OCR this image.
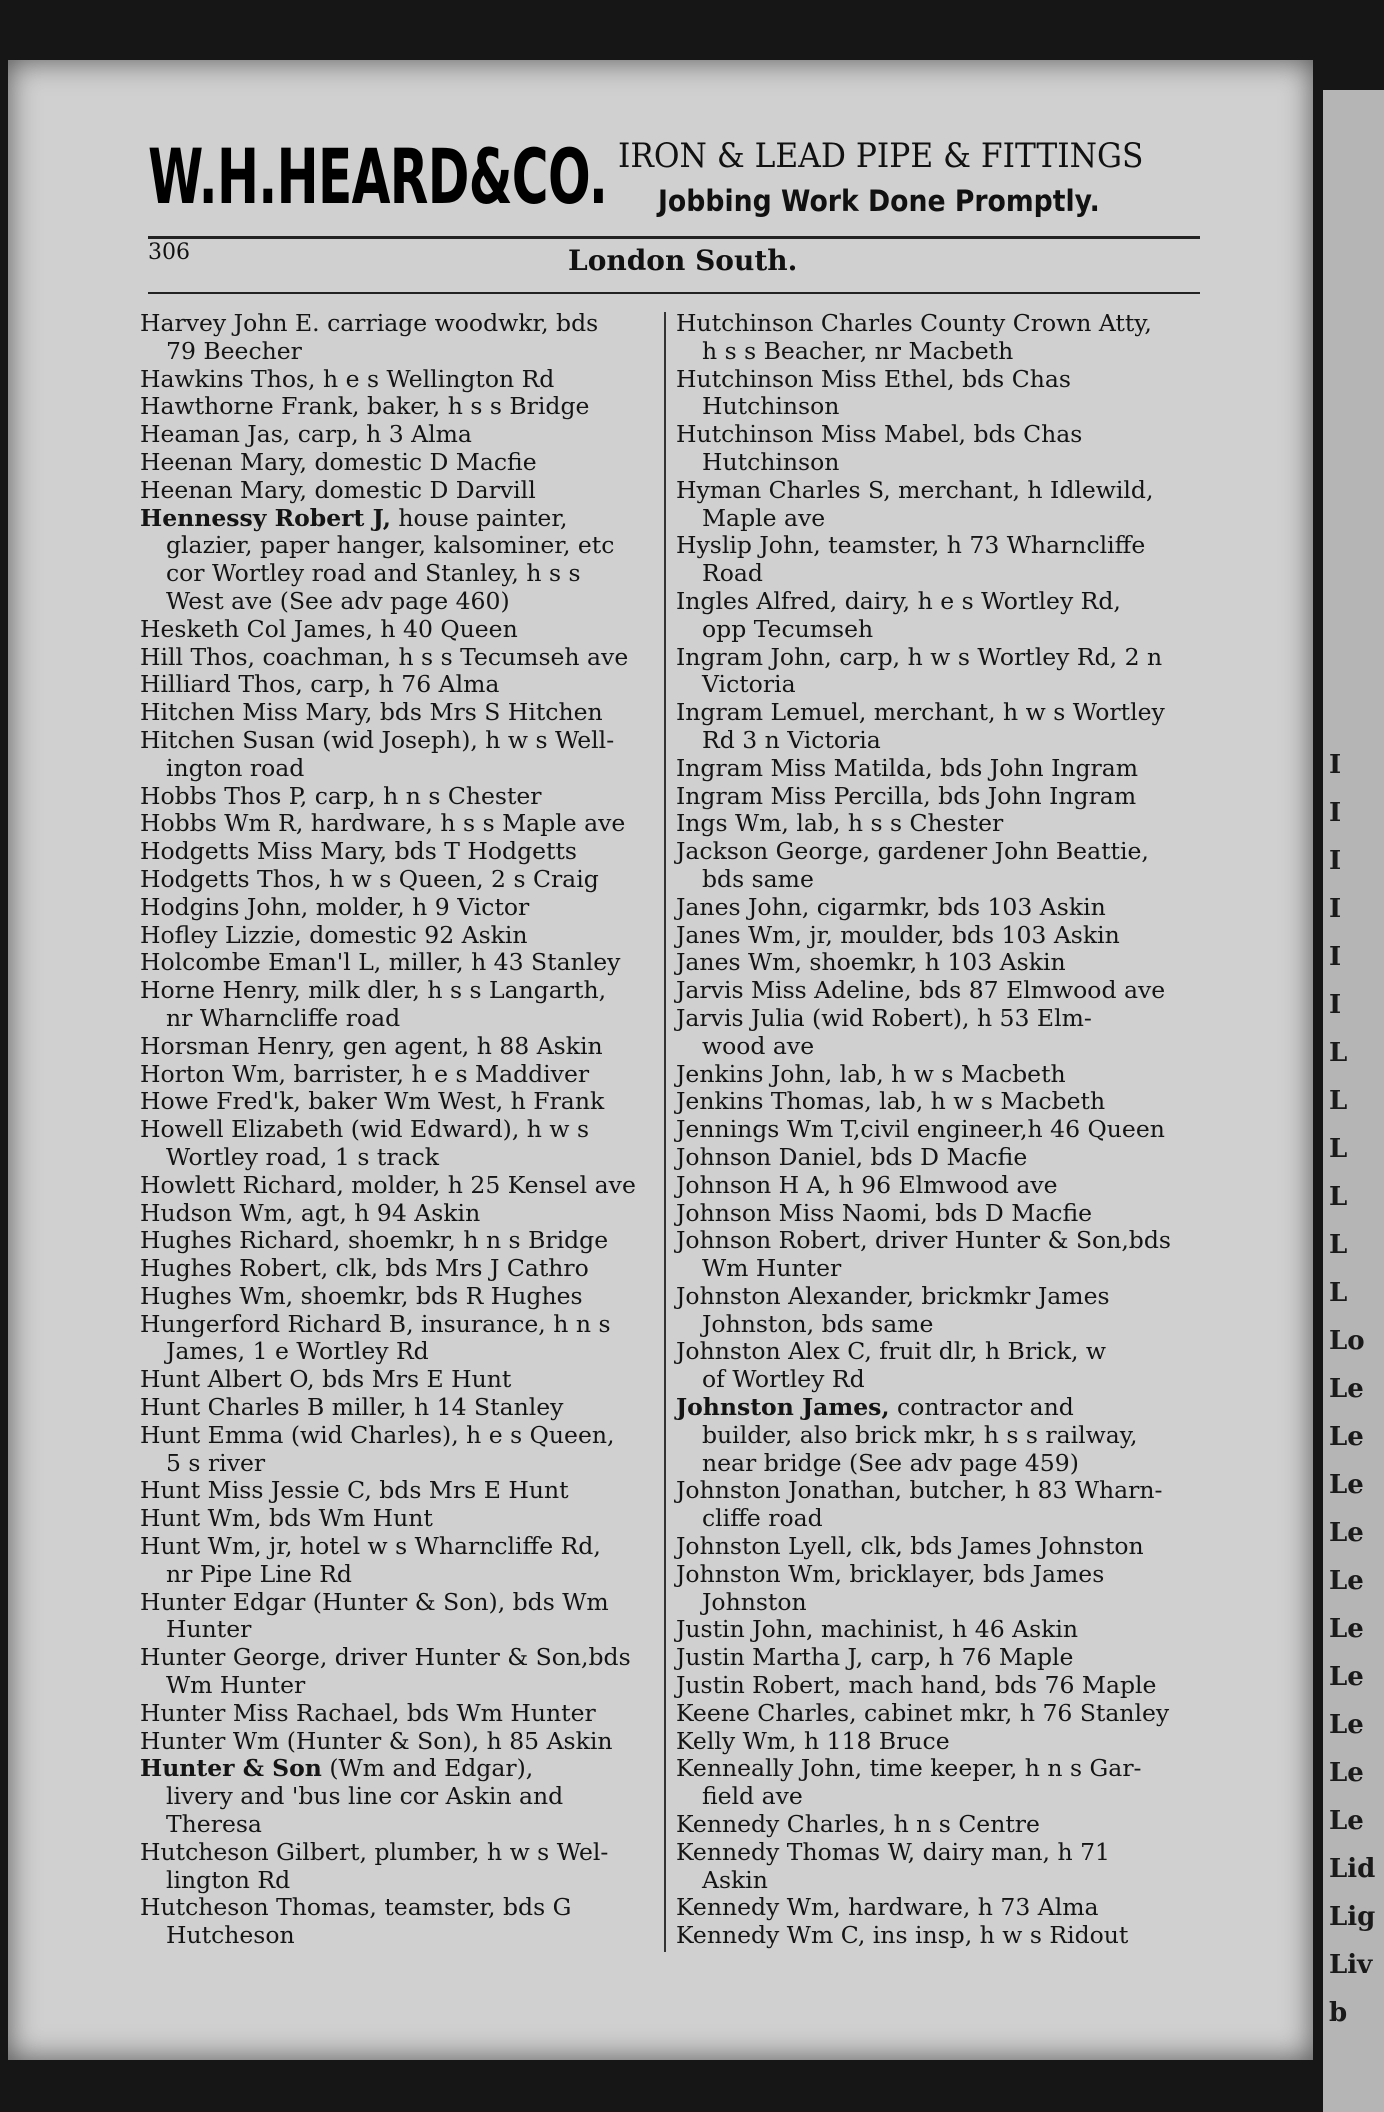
I
I
I
I
I
I
L
L
L
L
L
L
Lo
Le
Le
Le
Le
Le
Le
Le
Le
Le
Le
Lid
Lig
Liv
b
W.H.HEARD&CO. IRON & LEAD PIPE & FITTINGS
Jobbing Work Done Promptly.
306	London South.
Harvey John E. carriage woodwkr, bds
79 Beecher
Hawkins Thos, h e s Wellington Rd
Hawthorne Frank, baker, h s s Bridge
Heaman Jas, carp, h 3 Alma
Heenan Mary, domestic D Macfie
Heenan Mary, domestic D Darvill
Hennessy Robert J, house painter,
glazier, paper hanger, kalsominer, etc
cor Wortley road and Stanley, h s s
West ave (See adv page 460)
Hesketh Col James, h 40 Queen
Hill Thos, coachman, h s s Tecumseh ave
Hilliard Thos, carp, h 76 Alma
Hitchen Miss Mary, bds Mrs S Hitchen
Hitchen Susan (wid Joseph), h w s Well-
ington road
Hobbs Thos P, carp, h n s Chester
Hobbs Wm R, hardware, h s s Maple ave
Hodgetts Miss Mary, bds T Hodgetts
Hodgetts Thos, h w s Queen, 2 s Craig
Hodgins John, molder, h 9 Victor
Hofley Lizzie, domestic 92 Askin
Holcombe Eman'l L, miller, h 43 Stanley
Horne Henry, milk dler, h s s Langarth,
nr Wharncliffe road
Horsman Henry, gen agent, h 88 Askin
Horton Wm, barrister, h e s Maddiver
Howe Fred'k, baker Wm West, h Frank
Howell Elizabeth (wid Edward), h w s
Wortley road, 1 s track
Howlett Richard, molder, h 25 Kensel ave
Hudson Wm, agt, h 94 Askin
Hughes Richard, shoemkr, h n s Bridge
Hughes Robert, clk, bds Mrs J Cathro
Hughes Wm, shoemkr, bds R Hughes
Hungerford Richard B, insurance, h n s
James, 1 e Wortley Rd
Hunt Albert O, bds Mrs E Hunt
Hunt Charles B miller, h 14 Stanley
Hunt Emma (wid Charles), h e s Queen,
5 s river
Hunt Miss Jessie C, bds Mrs E Hunt
Hunt Wm, bds Wm Hunt
Hunt Wm, jr, hotel w s Wharncliffe Rd,
nr Pipe Line Rd
Hunter Edgar (Hunter & Son), bds Wm
Hunter
Hunter George, driver Hunter & Son,bds
Wm Hunter
Hunter Miss Rachael, bds Wm Hunter
Hunter Wm (Hunter & Son), h 85 Askin
Hunter & Son (Wm and Edgar),
livery and 'bus line cor Askin and
Theresa
Hutcheson Gilbert, plumber, h w s Wel-
lington Rd
Hutcheson Thomas, teamster, bds G
Hutcheson
Hutchinson Charles County Crown Atty,
h s s Beacher, nr Macbeth
Hutchinson Miss Ethel, bds Chas
Hutchinson
Hutchinson Miss Mabel, bds Chas
Hutchinson
Hyman Charles S, merchant, h Idlewild,
Maple ave
Hyslip John, teamster, h 73 Wharncliffe
Road
Ingles Alfred, dairy, h e s Wortley Rd,
opp Tecumseh
Ingram John, carp, h w s Wortley Rd, 2 n
Victoria
Ingram Lemuel, merchant, h w s Wortley
Rd 3 n Victoria
Ingram Miss Matilda, bds John Ingram
Ingram Miss Percilla, bds John Ingram
Ings Wm, lab, h s s Chester
Jackson George, gardener John Beattie,
bds same
Janes John, cigarmkr, bds 103 Askin
Janes Wm, jr, moulder, bds 103 Askin
Janes Wm, shoemkr, h 103 Askin
Jarvis Miss Adeline, bds 87 Elmwood ave
Jarvis Julia (wid Robert), h 53 Elm-
wood ave
Jenkins John, lab, h w s Macbeth
Jenkins Thomas, lab, h w s Macbeth
Jennings Wm T,civil engineer,h 46 Queen
Johnson Daniel, bds D Macfie
Johnson H A, h 96 Elmwood ave
Johnson Miss Naomi, bds D Macfie
Johnson Robert, driver Hunter & Son,bds
Wm Hunter
Johnston Alexander, brickmkr James
Johnston, bds same
Johnston Alex C, fruit dlr, h Brick, w
of Wortley Rd
Johnston James, contractor and
builder, also brick mkr, h s s railway,
near bridge (See adv page 459)
Johnston Jonathan, butcher, h 83 Wharn-
cliffe road
Johnston Lyell, clk, bds James Johnston
Johnston Wm, bricklayer, bds James
Johnston
Justin John, machinist, h 46 Askin
Justin Martha J, carp, h 76 Maple
Justin Robert, mach hand, bds 76 Maple
Keene Charles, cabinet mkr, h 76 Stanley
Kelly Wm, h 118 Bruce
Kenneally John, time keeper, h n s Gar-
field ave
Kennedy Charles, h n s Centre
Kennedy Thomas W, dairy man, h 71
Askin
Kennedy Wm, hardware, h 73 Alma
Kennedy Wm C, ins insp, h w s Ridout
